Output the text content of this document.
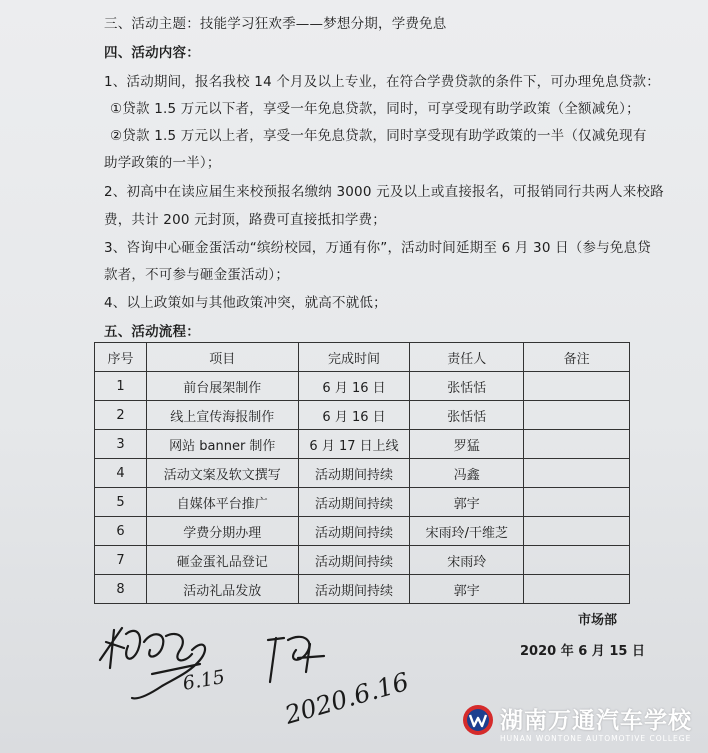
三、活动主题：技能学习狂欢季——梦想分期，学费免息
四、活动内容：
1、活动期间，报名我校 14 个月及以上专业，在符合学费贷款的条件下，可办理免息贷款：
①贷款 1.5 万元以下者，享受一年免息贷款，同时，可享受现有助学政策（全额减免）；
②贷款 1.5 万元以上者，享受一年免息贷款，同时享受现有助学政策的一半（仅减免现有
助学政策的一半）；
2、初高中在读应届生来校预报名缴纳 3000 元及以上或直接报名，可报销同行共两人来校路
费，共计 200 元封顶，路费可直接抵扣学费；
3、咨询中心砸金蛋活动“缤纷校园，万通有你”，活动时间延期至 6 月 30 日（参与免息贷
款者，不可参与砸金蛋活动）；
4、以上政策如与其他政策冲突，就高不就低；
五、活动流程：
序号	项目	完成时间	责任人	备注
1	前台展架制作	6 月 16 日	张恬恬	
2	线上宣传海报制作	6 月 16 日	张恬恬	
3	网站 banner 制作	6 月 17 日上线	罗猛	
4	活动文案及软文撰写	活动期间持续	冯鑫	
5	自媒体平台推广	活动期间持续	郭宇	
6	学费分期办理	活动期间持续	宋雨玲/干维芝	
7	砸金蛋礼品登记	活动期间持续	宋雨玲	
8	活动礼品发放	活动期间持续	郭宇	
市场部
2020 年 6 月 15 日
6.15 2020.6.16	湖南万通汽车学校
HUNAN WONTONE AUTOMOTIVE COLLEGE
